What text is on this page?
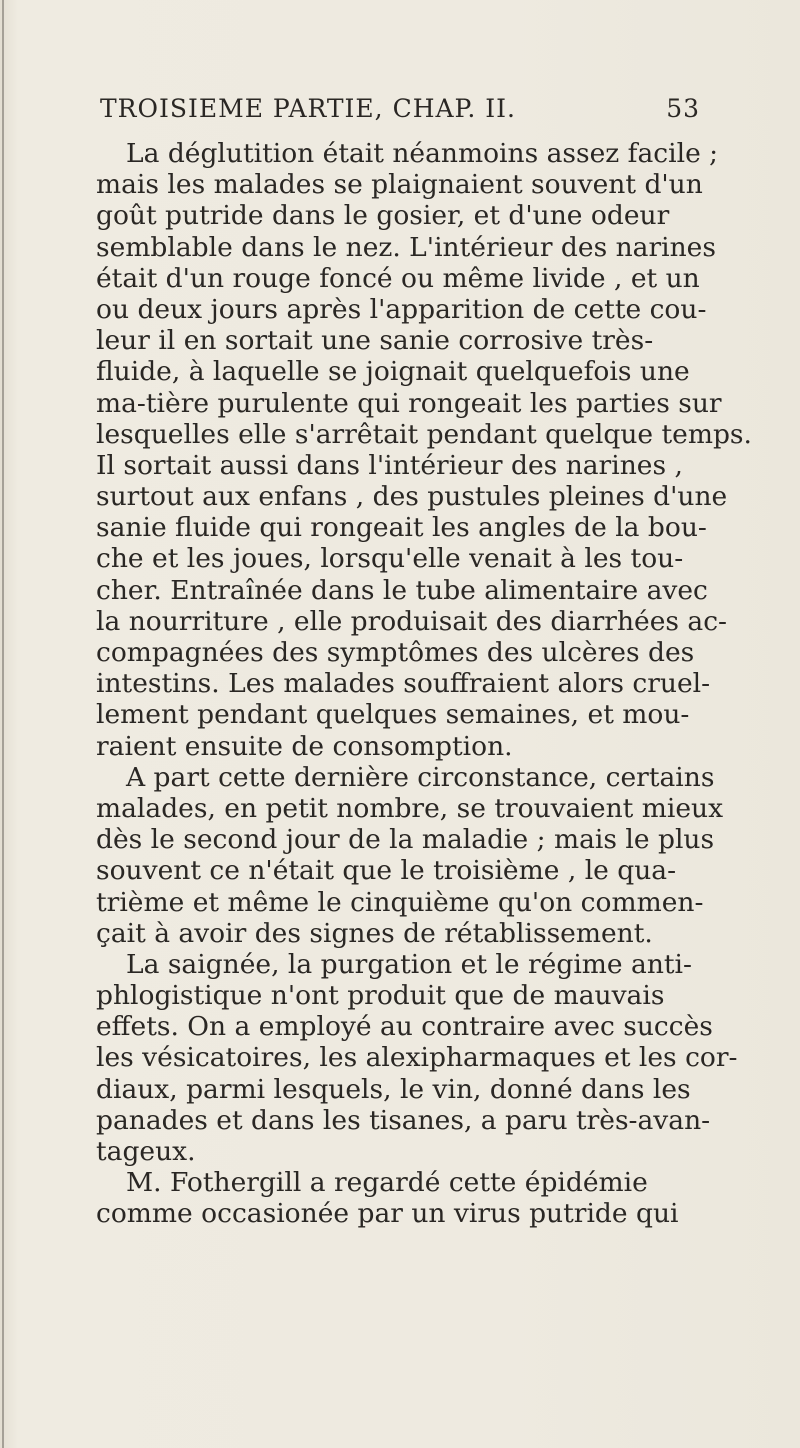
TROISIEME PARTIE, CHAP. II.	53
La déglutition était néanmoins assez facile ;
mais les malades se plaignaient souvent d'un
goût putride dans le gosier, et d'une odeur
semblable dans le nez. L'intérieur des narines
était d'un rouge foncé ou même livide , et un
ou deux jours après l'apparition de cette cou-
leur il en sortait une sanie corrosive très-
fluide, à laquelle se joignait quelquefois une
ma-tière purulente qui rongeait les parties sur
lesquelles elle s'arrêtait pendant quelque temps.
Il sortait aussi dans l'intérieur des narines ,
surtout aux enfans , des pustules pleines d'une
sanie fluide qui rongeait les angles de la bou-
che et les joues, lorsqu'elle venait à les tou-
cher. Entraînée dans le tube alimentaire avec
la nourriture , elle produisait des diarrhées ac-
compagnées des symptômes des ulcères des
intestins. Les malades souffraient alors cruel-
lement pendant quelques semaines, et mou-
raient ensuite de consomption.
A part cette dernière circonstance, certains
malades, en petit nombre, se trouvaient mieux
dès le second jour de la maladie ; mais le plus
souvent ce n'était que le troisième , le qua-
trième et même le cinquième qu'on commen-
çait à avoir des signes de rétablissement.
La saignée, la purgation et le régime anti-
phlogistique n'ont produit que de mauvais
effets. On a employé au contraire avec succès
les vésicatoires, les alexipharmaques et les cor-
diaux, parmi lesquels, le vin, donné dans les
panades et dans les tisanes, a paru très-avan-
tageux.
M. Fothergill a regardé cette épidémie
comme occasionée par un virus putride qui
